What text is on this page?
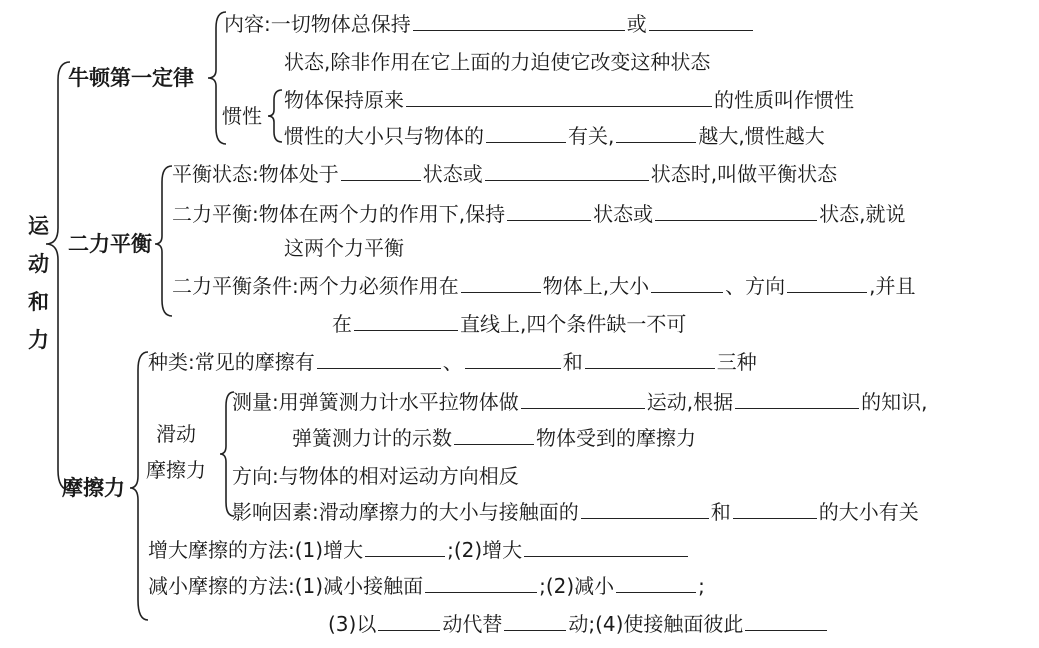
运
动
和
力
牛顿第一定律
内容:一切物体总保持	或
状态,除非作用在它上面的力迫使它改变这种状态
惯性
物体保持原来	的性质叫作惯性
惯性的大小只与物体的	有关,	越大,惯性越大
二力平衡
平衡状态:物体处于	状态或	状态时,叫做平衡状态
二力平衡:物体在两个力的作用下,保持	状态或	状态,就说
这两个力平衡
二力平衡条件:两个力必须作用在	物体上,大小	、方向	,并且
在	直线上,四个条件缺一不可
摩擦力
种类:常见的摩擦有	、	和	三种
滑动
摩擦力
测量:用弹簧测力计水平拉物体做	运动,根据	的知识,
弹簧测力计的示数	物体受到的摩擦力
方向:与物体的相对运动方向相反
影响因素:滑动摩擦力的大小与接触面的	和	的大小有关
增大摩擦的方法:(1)增大	;(2)增大
减小摩擦的方法:(1)减小接触面	;(2)减小	;
(3)以	动代替	动;(4)使接触面彼此
